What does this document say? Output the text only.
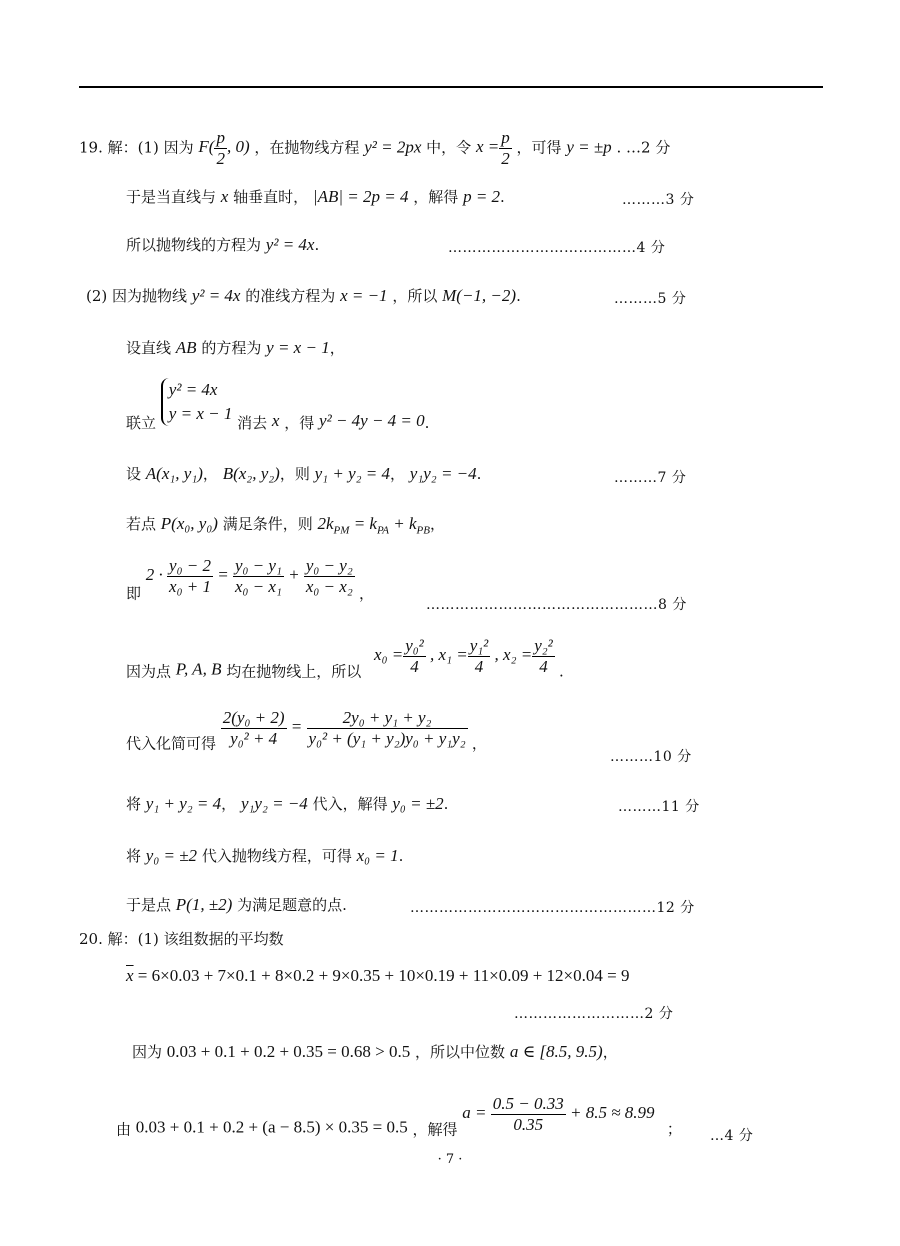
19. 解：(1) 因为 $F( \frac{p}{2}$ , 0) ，在抛物线方程 y² = 2px 中，令 $x = \frac{p}{2}$ ，可得 y = ±p . …2 分
于是当直线与 x 轴垂直时， |AB| = 2p = 4 ，解得 p = 2.	………3 分
所以抛物线的方程为 y² = 4x.	…………………………………4 分
(2) 因为抛物线 y² = 4x 的准线方程为 x = −1 ，所以 M(−1, −2).	………5 分
设直线 AB 的方程为 y = x − 1，
联立
y² = 4x
y = x − 1 消去 x ，得 y² − 4y − 4 = 0.
设 A(x₁, y₁)， B(x₂, y₂)，则 y₁ + y₂ = 4， y₁y₂ = −4.	………7 分
若点 P(x₀, y₀) 满足条件，则 $2k_{PM} = k_{PA} + k_{PB}$，
即 $2 \cdot \frac{\text{y₀ − 2}}{\text{x₀ + 1}} = \frac{\text{y₀ − y₁}}{\text{x₀ − x₁}} + \frac{\text{y₀ − y₂}}{\text{x₀ − x₂}}$ ，
…………………………………………8 分
因为点 P, A, B 均在抛物线上，所以 $x_0 = \frac{\text{y₀²}}{4}$ , $x_1 = \frac{\text{y₁²}}{4}$ , $x_2 = \frac{\text{y₂²}}{4}$ .
代入化简可得 $\frac{\text{2(y₀ + 2)}}{\text{y₀² + 4}} = \frac{\text{2y₀ + y₁ + y₂}}{\text{y₀² + (y₁ + y₂)y₀ + y₁y₂}}$ ，
………10 分
将 y₁ + y₂ = 4， y₁y₂ = −4 代入，解得 y₀ = ±2.	………11 分
将 y₀ = ±2 代入抛物线方程，可得 x₀ = 1.
于是点 P(1, ±2) 为满足题意的点.	……………………………………………12 分
20. 解：(1) 该组数据的平均数
$\overline{x} = 6\times 0.03 + 7\times 0.1 + 8\times 0.2 + 9\times 0.35 + 10\times 0.19 + 11\times 0.09 + 12\times 0.04 = 9$
………………………2 分
因为 0.03 + 0.1 + 0.2 + 0.35 = 0.68 > 0.5 ，所以中位数 a ∈ [8.5, 9.5)，
由 0.03 + 0.1 + 0.2 + (a − 8.5) × 0.35 = 0.5 ，解得 $a = \frac{0.5 - 0.33}{0.35} + 8.5 \approx 8.99$ ； …4 分
· 7 ·
